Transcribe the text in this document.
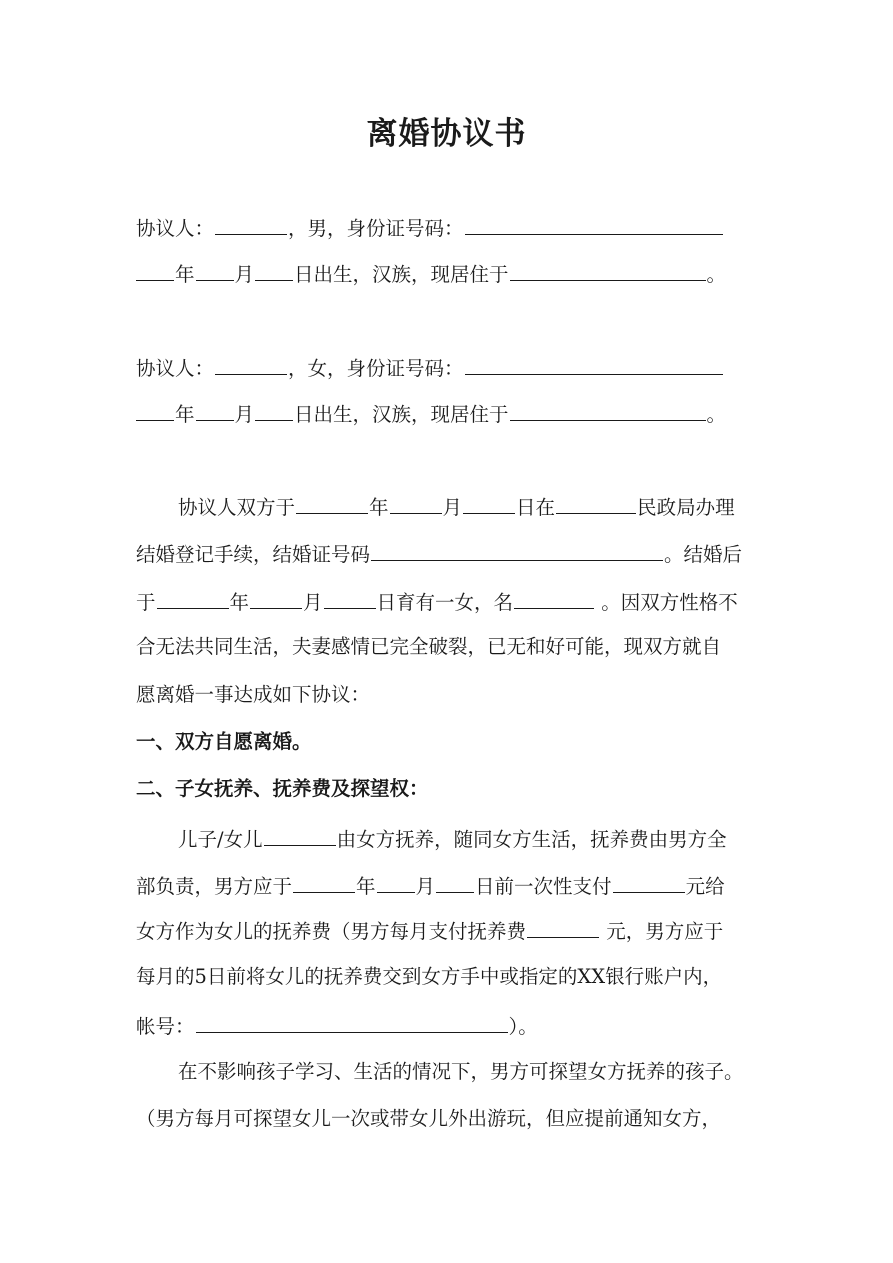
离婚协议书
协议人：	，男，身份证号码：
年 月 日出生，汉族，现居住于	。
协议人：	，女，身份证号码：
年 月 日出生，汉族，现居住于	。
协议人双方于	年	月	日在	民政局办理
结婚登记手续，结婚证号码	。结婚后
于	年	月	日育有一女，名	。因双方性格不
合无法共同生活，夫妻感情已完全破裂，已无和好可能，现双方就自
愿离婚一事达成如下协议：
一、双方自愿离婚。
二、子女抚养、抚养费及探望权：
儿子/女儿	由女方抚养，随同女方生活，抚养费由男方全
部负责，男方应于	年 月 日前一次性支付	元给
女方作为女儿的抚养费（男方每月支付抚养费	元，男方应于
每月的5日前将女儿的抚养费交到女方手中或指定的XX银行账户内，
帐号：	）。
在不影响孩子学习、生活的情况下，男方可探望女方抚养的孩子。
（男方每月可探望女儿一次或带女儿外出游玩，但应提前通知女方，
